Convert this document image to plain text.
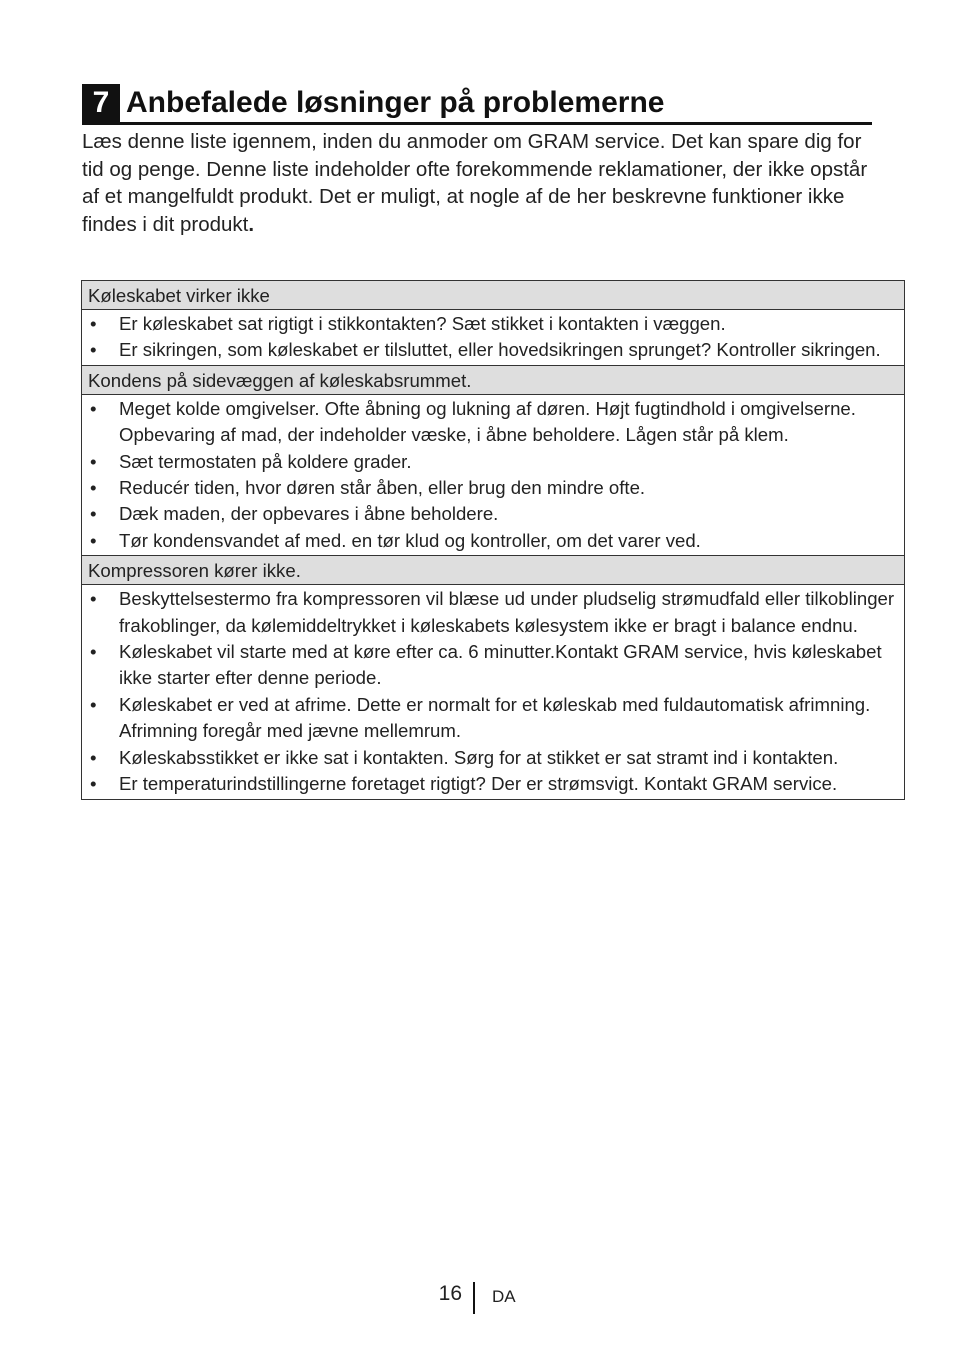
7 Anbefalede løsninger på problemerne

Læs denne liste igennem, inden du anmoder om GRAM service. Det kan spare dig for tid og penge. Denne liste indeholder ofte forekommende reklamationer, der ikke opstår af et mangelfuldt produkt. Det er muligt, at nogle af de her beskrevne funktioner ikke findes i dit produkt.

Køleskabet virker ikke

• Er køleskabet sat rigtigt i stikkontakten? Sæt stikket i kontakten i væggen.
• Er sikringen, som køleskabet er tilsluttet, eller hovedsikringen sprunget? Kontroller sikringen.

Kondens på sidevæggen af køleskabsrummet.

• Meget kolde omgivelser. Ofte åbning og lukning af døren. Højt fugtindhold i omgivelserne. Opbevaring af mad, der indeholder væske, i åbne beholdere. Lågen står på klem.
• Sæt termostaten på koldere grader.
• Reducér tiden, hvor døren står åben, eller brug den mindre ofte.
• Dæk maden, der opbevares i åbne beholdere.
• Tør kondensvandet af med. en tør klud og kontroller, om det varer ved.

Kompressoren kører ikke.

• Beskyttelsestermo fra kompressoren vil blæse ud under pludselig strømudfald eller tilkoblinger frakoblinger, da kølemiddeltrykket i køleskabets kølesystem ikke er bragt i balance endnu.
• Køleskabet vil starte med at køre efter ca. 6 minutter.Kontakt GRAM service, hvis køleskabet ikke starter efter denne periode.
• Køleskabet er ved at afrime. Dette er normalt for et køleskab med fuldautomatisk afrimning. Afrimning foregår med jævne mellemrum.
• Køleskabsstikket er ikke sat i kontakten. Sørg for at stikket er sat stramt ind i kontakten.
• Er temperaturindstillingerne foretaget rigtigt? Der er strømsvigt. Kontakt GRAM service.
16 DA
